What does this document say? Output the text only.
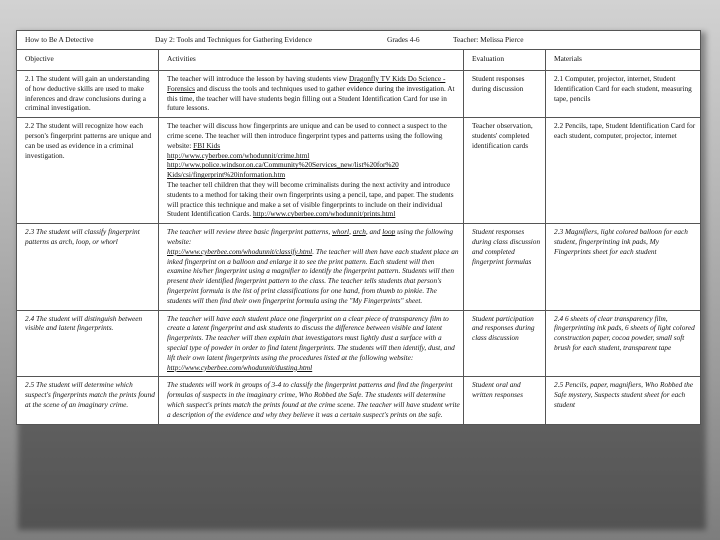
How to Be A Detective Day 2: Tools and Techniques for Gathering Evidence Grades 4-6 Teacher: Melissa Pierce			

Objective	Activities	Evaluation	Materials
2.1 The student will gain an understanding of how deductive skills are used to make inferences and draw conclusions during a criminal investigation.	The teacher will introduce the lesson by having students view Dragonfly TV Kids Do Science - Forensics and discuss the tools and techniques used to gather evidence during the investigation. At this time, the teacher will have students begin filling out a Student Identification Card for use in future lessons.	Student responses during discussion	2.1 Computer, projector, internet, Student Identification Card for each student, measuring tape, pencils
2.2 The student will recognize how each person's fingerprint patterns are unique and can be used as evidence in a criminal investigation.	The teacher will discuss how fingerprints are unique and can be used to connect a suspect to the crime scene. The teacher will then introduce fingerprint types and patterns using the following website: FBI Kids
http://www.cyberbee.com/whodunnit/crime.html
http://www.police.windsor.on.ca/Community%20Services_new/list%20for%20 Kids/csi/fingerprint%20information.htm
The teacher tell children that they will become criminalists during the next activity and introduce students to a method for taking their own fingerprints using a pencil, tape, and paper. The students will practice this technique and make a set of visible fingerprints to include on their individual Student Identification Cards. http://www.cyberbee.com/whodunnit/prints.html	Teacher observation, students' completed identification cards	2.2 Pencils, tape, Student Identification Card for each student, computer, projector, internet
2.3 The student will classify fingerprint patterns as arch, loop, or whorl	The teacher will review three basic fingerprint patterns, whorl, arch, and loop using the following website:
http://www.cyberbee.com/whodunnit/classify.html. The teacher will then have each student place an inked fingerprint on a balloon and enlarge it to see the print pattern. Each student will then examine his/her fingerprint using a magnifier to identify the fingerprint pattern. Students will then present their identified fingerprint pattern to the class. The teacher tells students that person's fingerprint formula is the list of print classifications for one hand, from thumb to pinkie. The students will then find their own fingerprint formula using the "My Fingerprints" sheet.	Student responses during class discussion and completed fingerprint formulas	2.3 Magnifiers, light colored balloon for each student, fingerprinting ink pads, My Fingerprints sheet for each student
2.4 The student will distinguish between visible and latent fingerprints.	The teacher will have each student place one fingerprint on a clear piece of transparency film to create a latent fingerprint and ask students to discuss the difference between visible and latent fingerprints. The teacher will then explain that investigators must lightly dust a surface with a special type of powder in order to find latent fingerprints. The students will then identify, dust, and lift their own latent fingerprints using the procedures listed at the following website: http://www.cyberbee.com/whodunnit/dusting.html	Student participation and responses during class discussion	2.4 6 sheets of clear transparency film, fingerprinting ink pads, 6 sheets of light colored construction paper, cocoa powder, small soft brush for each student, transparent tape
2.5 The student will determine which suspect's fingerprints match the prints found at the scene of an imaginary crime.	The students will work in groups of 3-4 to classify the fingerprint patterns and find the fingerprint formulas of suspects in the imaginary crime, Who Robbed the Safe. The students will determine which suspect's prints match the prints found at the crime scene. The teacher will have student write a description of the evidence and why they believe it was a certain suspect's prints on the safe.	Student oral and written responses	2.5 Pencils, paper, magnifiers, Who Robbed the Safe mystery, Suspects student sheet for each student
